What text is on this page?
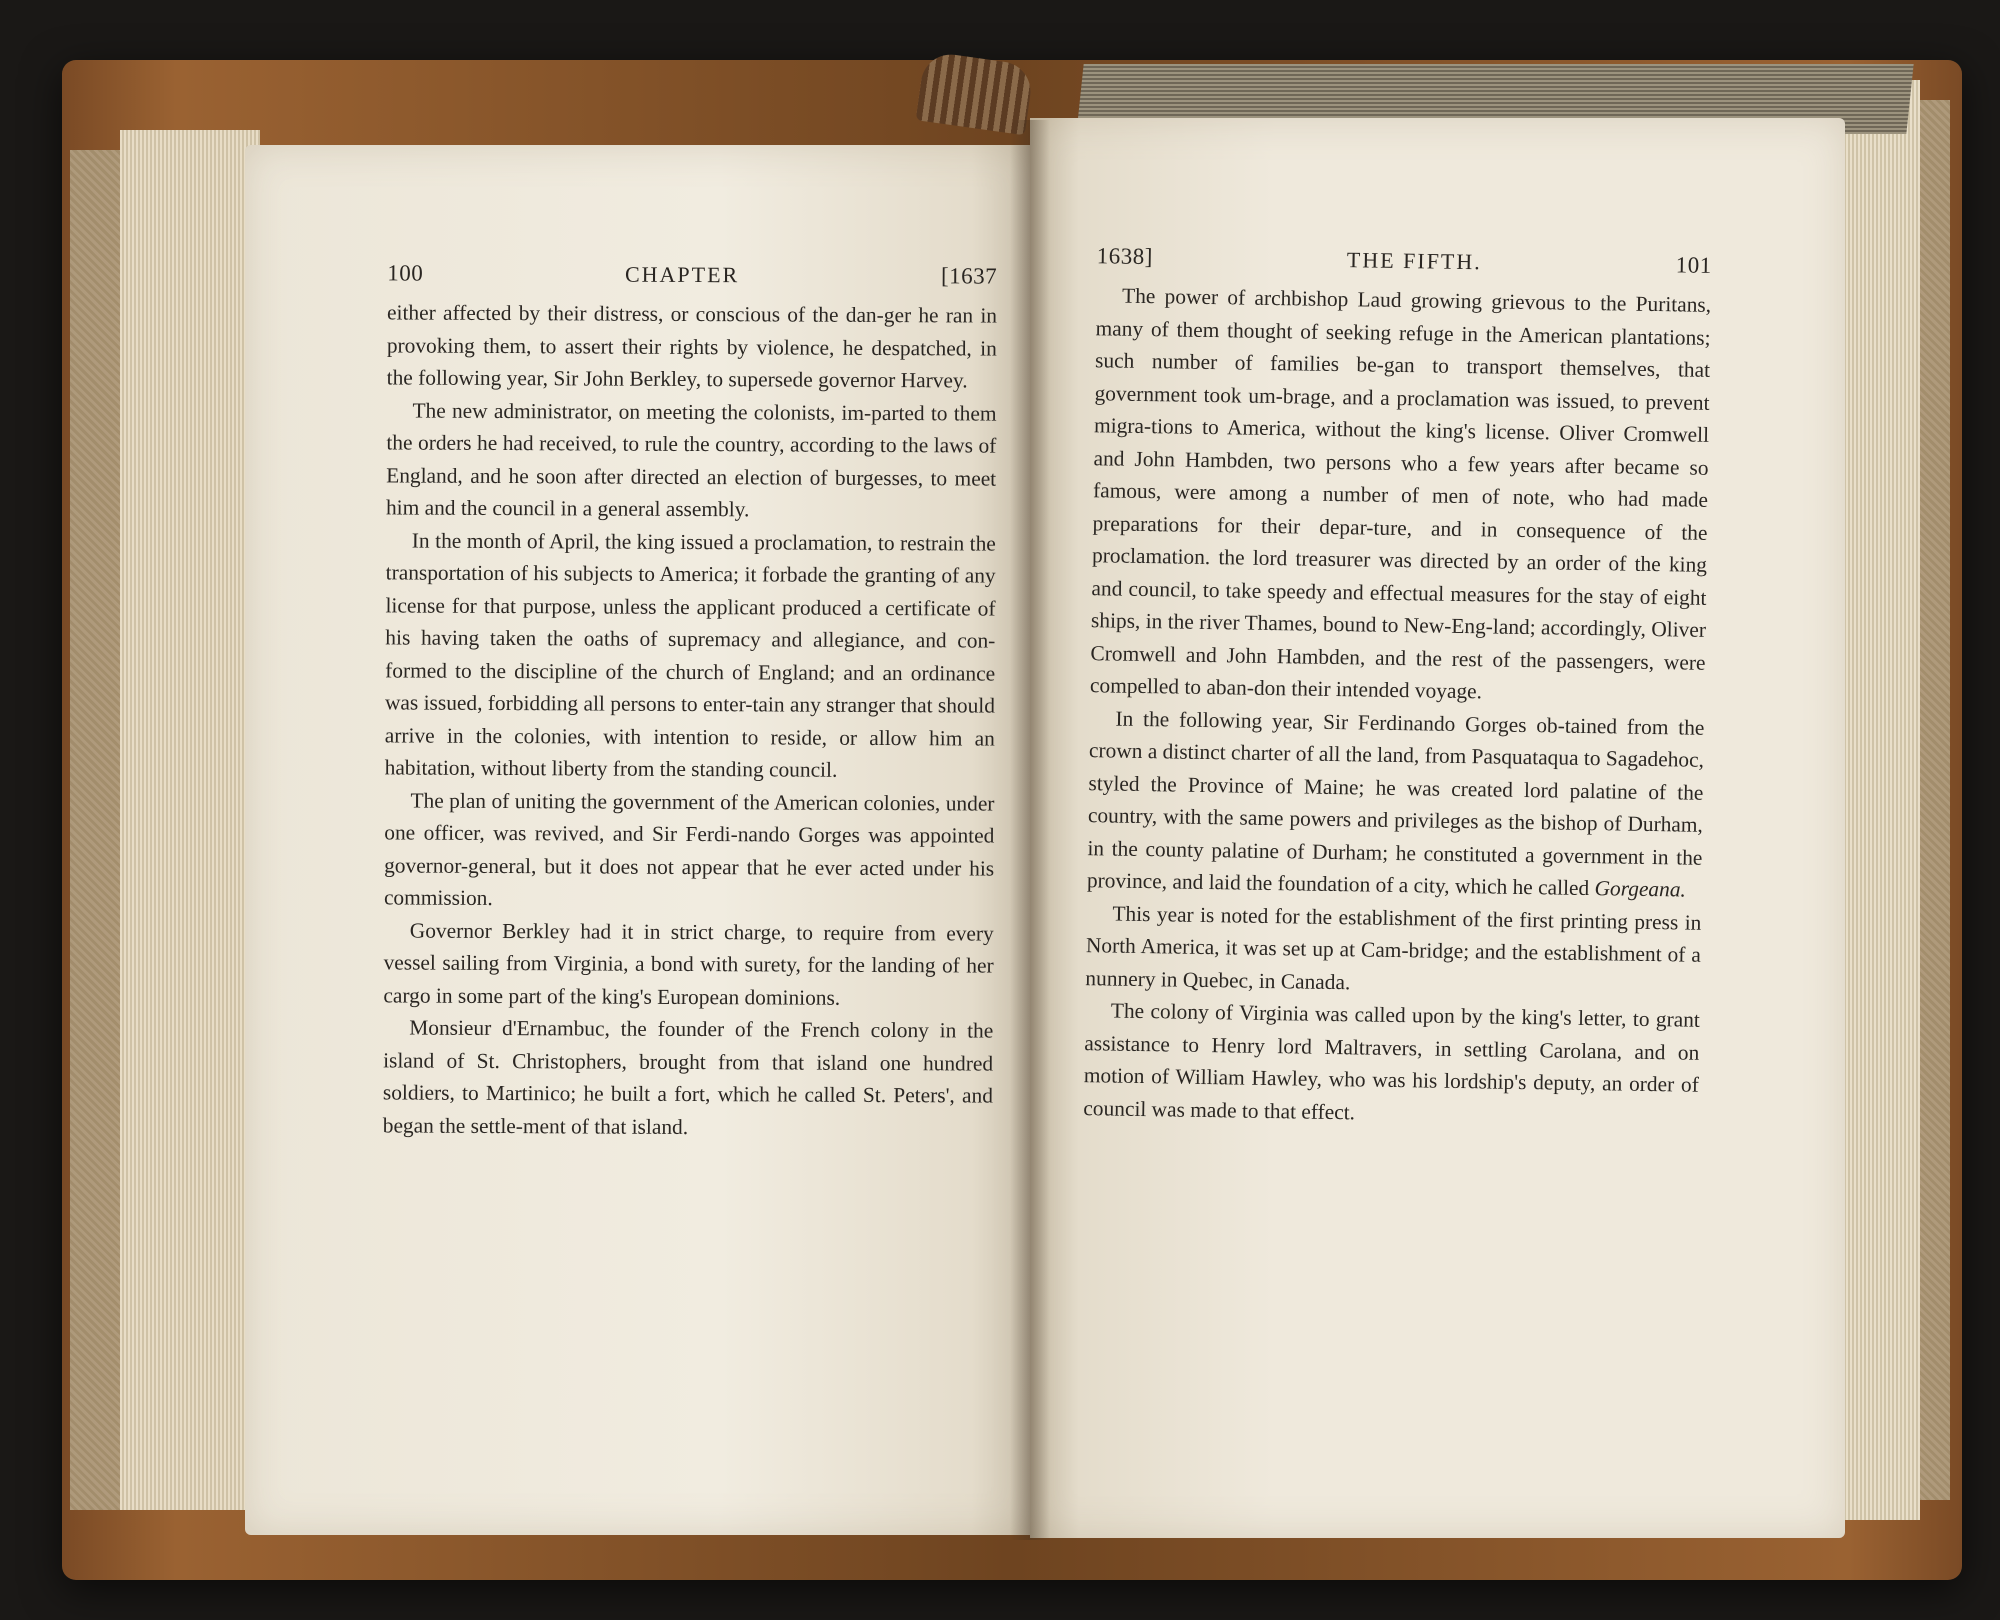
100	CHAPTER	[1637

either affected by their distress, or conscious of the dan-ger he ran in provoking them, to assert their rights by violence, he despatched, in the following year, Sir John Berkley, to supersede governor Harvey.

The new administrator, on meeting the colonists, im-parted to them the orders he had received, to rule the country, according to the laws of England, and he soon after directed an election of burgesses, to meet him and the council in a general assembly.

In the month of April, the king issued a proclamation, to restrain the transportation of his subjects to America; it forbade the granting of any license for that purpose, unless the applicant produced a certificate of his having taken the oaths of supremacy and allegiance, and con-formed to the discipline of the church of England; and an ordinance was issued, forbidding all persons to enter-tain any stranger that should arrive in the colonies, with intention to reside, or allow him an habitation, without liberty from the standing council.

The plan of uniting the government of the American colonies, under one officer, was revived, and Sir Ferdi-nando Gorges was appointed governor-general, but it does not appear that he ever acted under his commission.

Governor Berkley had it in strict charge, to require from every vessel sailing from Virginia, a bond with surety, for the landing of her cargo in some part of the king's European dominions.

Monsieur d'Ernambuc, the founder of the French colony in the island of St. Christophers, brought from that island one hundred soldiers, to Martinico; he built a fort, which he called St. Peters', and began the settle-ment of that island.

1638]	THE FIFTH.	101

The power of archbishop Laud growing grievous to the Puritans, many of them thought of seeking refuge in the American plantations; such number of families be-gan to transport themselves, that government took um-brage, and a proclamation was issued, to prevent migra-tions to America, without the king's license. Oliver Cromwell and John Hambden, two persons who a few years after became so famous, were among a number of men of note, who had made preparations for their depar-ture, and in consequence of the proclamation. the lord treasurer was directed by an order of the king and council, to take speedy and effectual measures for the stay of eight ships, in the river Thames, bound to New-Eng-land; accordingly, Oliver Cromwell and John Hambden, and the rest of the passengers, were compelled to aban-don their intended voyage.

In the following year, Sir Ferdinando Gorges ob-tained from the crown a distinct charter of all the land, from Pasquataqua to Sagadehoc, styled the Province of Maine; he was created lord palatine of the country, with the same powers and privileges as the bishop of Durham, in the county palatine of Durham; he constituted a government in the province, and laid the foundation of a city, which he called Gorgeana.

This year is noted for the establishment of the first printing press in North America, it was set up at Cam-bridge; and the establishment of a nunnery in Quebec, in Canada.

The colony of Virginia was called upon by the king's letter, to grant assistance to Henry lord Maltravers, in settling Carolana, and on motion of William Hawley, who was his lordship's deputy, an order of council was made to that effect.
